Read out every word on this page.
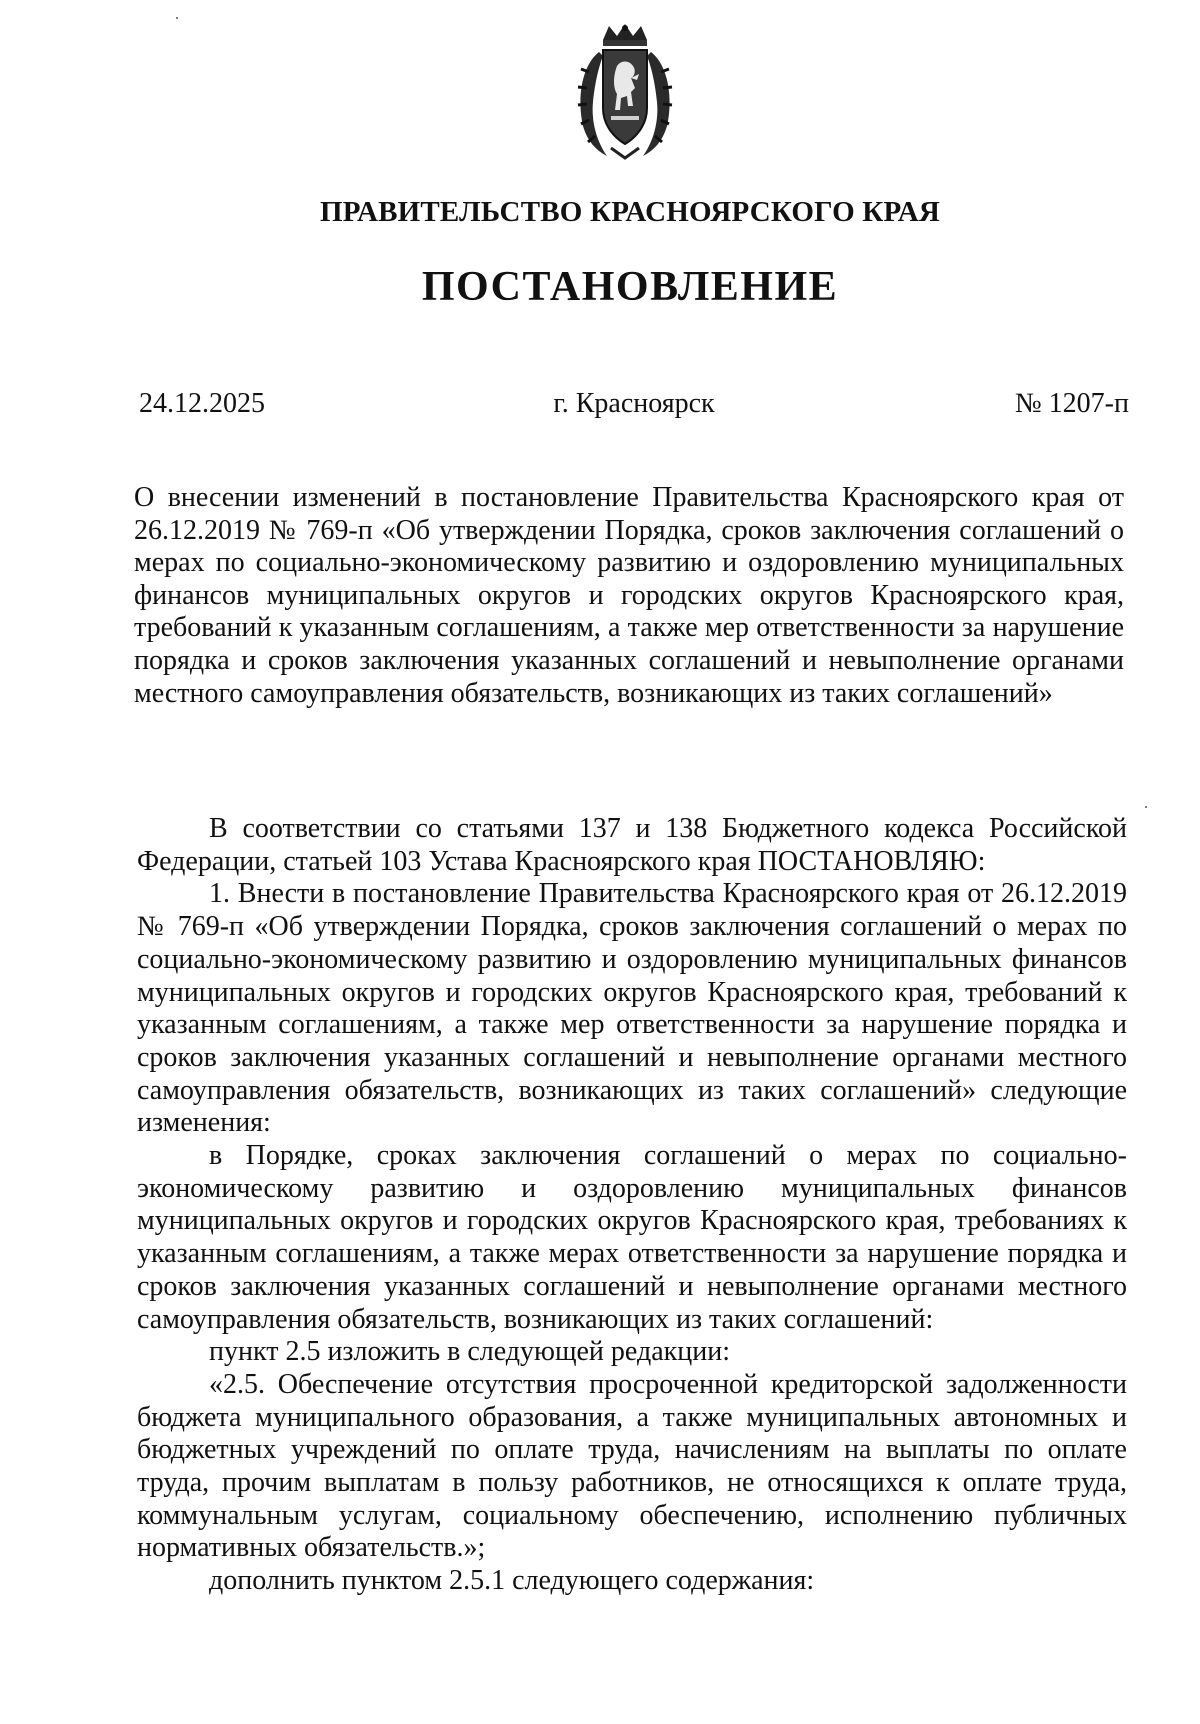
ПРАВИТЕЛЬСТВО КРАСНОЯРСКОГО КРАЯ
ПОСТАНОВЛЕНИЕ
24.12.2025	г. Красноярск	№ 1207-п
О внесении изменений в постановление Правительства Красноярского края от 26.12.2019 № 769-п «Об утверждении Порядка, сроков заключения соглашений о мерах по социально-экономическому развитию и оздоровлению муниципальных финансов муниципальных округов и городских округов Красноярского края, требований к указанным соглашениям, а также мер ответственности за нарушение порядка и сроков заключения указанных соглашений и невыполнение органами местного самоуправления обязательств, возникающих из таких соглашений»

В соответствии со статьями 137 и 138 Бюджетного кодекса Российской Федерации, статьей 103 Устава Красноярского края ПОСТАНОВЛЯЮ:

1. Внести в постановление Правительства Красноярского края от 26.12.2019 № 769-п «Об утверждении Порядка, сроков заключения соглашений о мерах по социально-экономическому развитию и оздоровлению муниципальных финансов муниципальных округов и городских округов Красноярского края, требований к указанным соглашениям, а также мер ответственности за нарушение порядка и сроков заключения указанных соглашений и невыполнение органами местного самоуправления обязательств, возникающих из таких соглашений» следующие изменения:

в Порядке, сроках заключения соглашений о мерах по социально-экономическому развитию и оздоровлению муниципальных финансов муниципальных округов и городских округов Красноярского края, требованиях к указанным соглашениям, а также мерах ответственности за нарушение порядка и сроков заключения указанных соглашений и невыполнение органами местного самоуправления обязательств, возникающих из таких соглашений:

пункт 2.5 изложить в следующей редакции:

«2.5. Обеспечение отсутствия просроченной кредиторской задолженности бюджета муниципального образования, а также муниципальных автономных и бюджетных учреждений по оплате труда, начислениям на выплаты по оплате труда, прочим выплатам в пользу работников, не относящихся к оплате труда, коммунальным услугам, социальному обеспечению, исполнению публичных нормативных обязательств.»;

дополнить пунктом 2.5.1 следующего содержания:
